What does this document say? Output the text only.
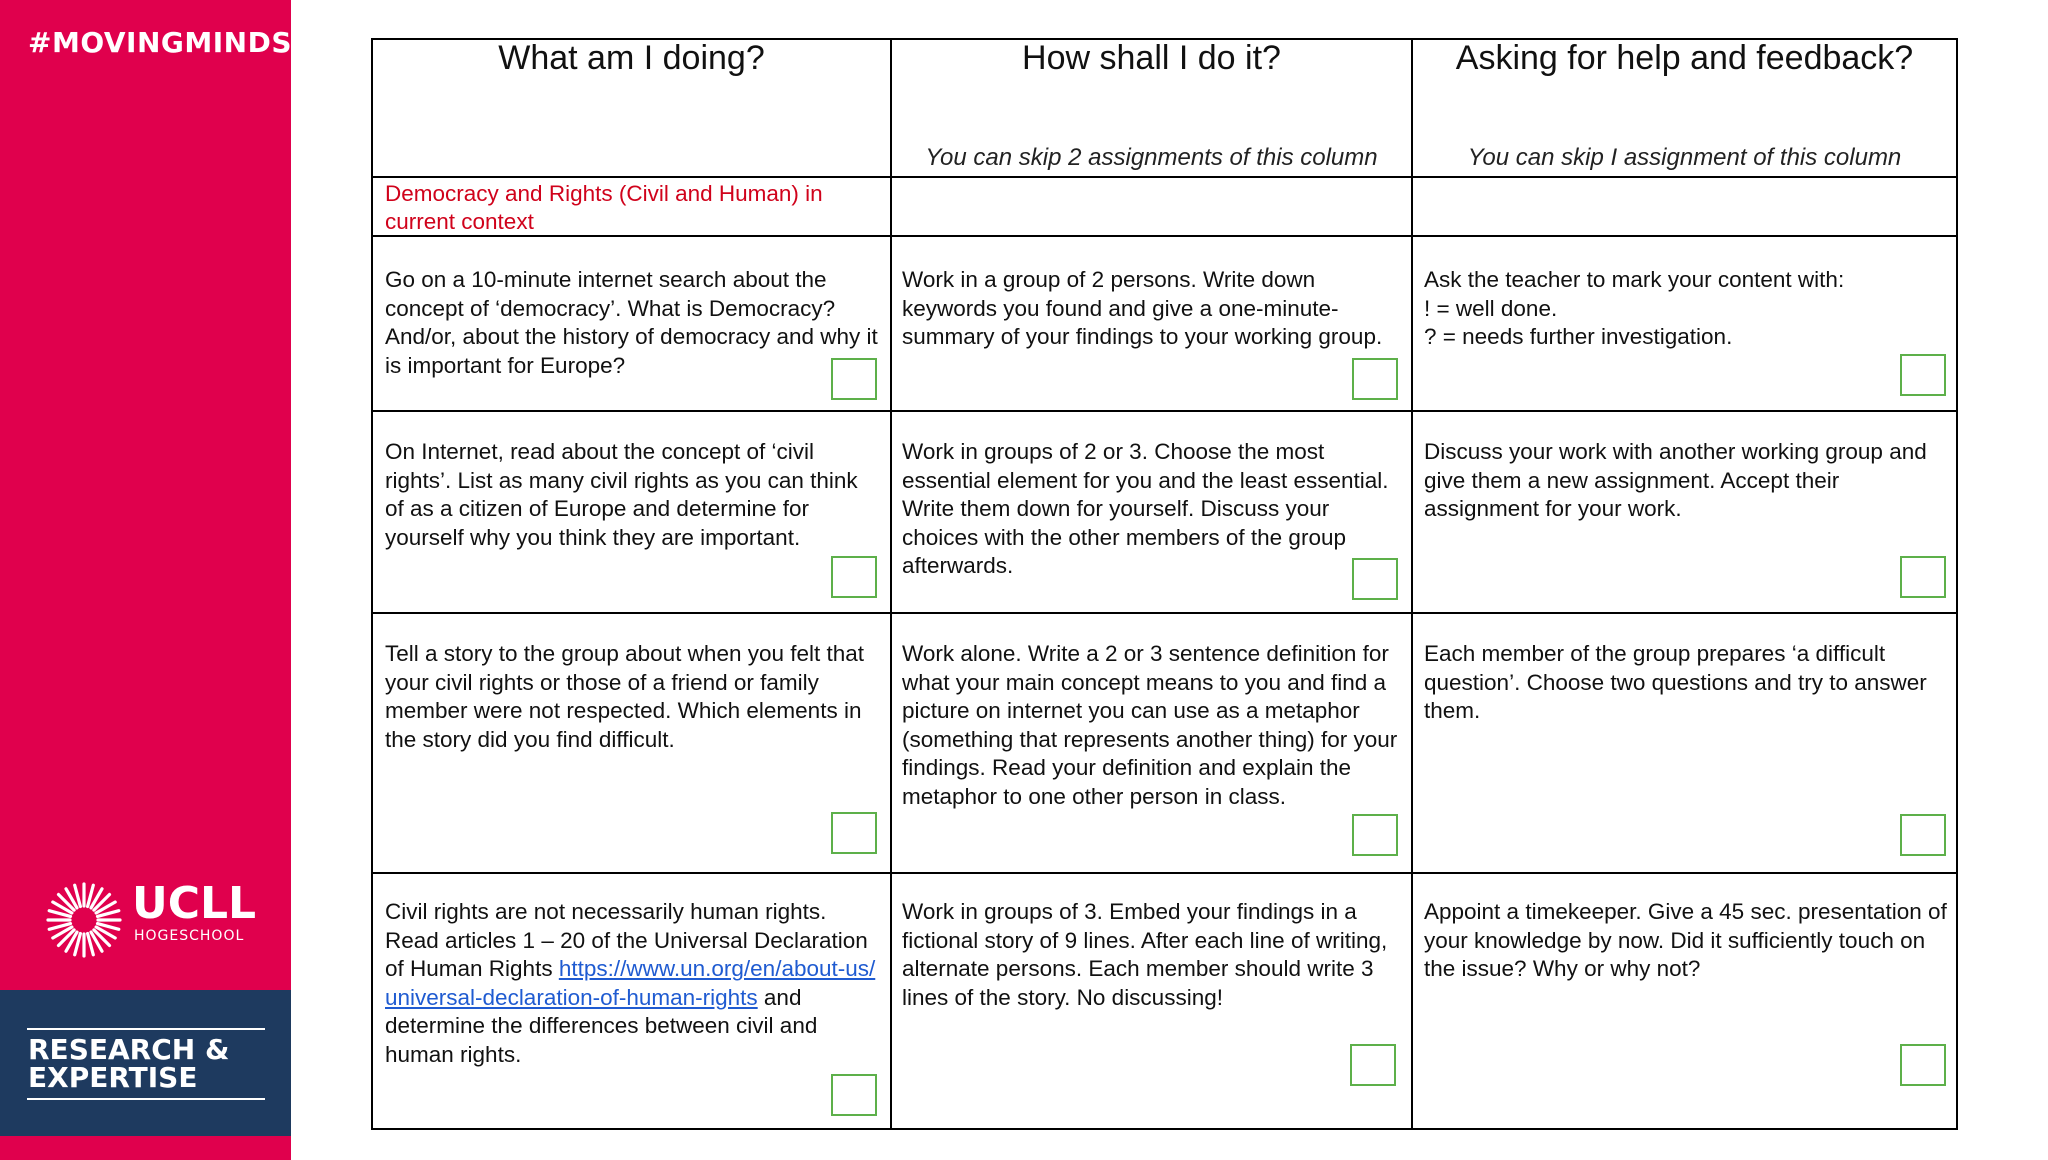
#MOVINGMINDS
UCLL
HOGESCHOOL
RESEARCH &
EXPERTISE
What am I doing?	How shall I do it?
You can skip 2 assignments of this column
Asking for help and feedback?
You can skip I assignment of this column
Democracy and Rights (Civil and Human) in current context
Go on a 10-minute internet search about the concept of ‘democracy’. What is Democracy? And/or, about the history of democracy and why it is important for Europe?
Work in a group of 2 persons. Write down keywords you found and give a one-minute-summary of your findings to your working group.
Ask the teacher to mark your content with:
! = well done.
? = needs further investigation.
On Internet, read about the concept of ‘civil rights’. List as many civil rights as you can think of as a citizen of Europe and determine for yourself why you think they are important.
Work in groups of 2 or 3. Choose the most essential element for you and the least essential. Write them down for yourself. Discuss your choices with the other members of the group afterwards.
Discuss your work with another working group and give them a new assignment. Accept their assignment for your work.
Tell a story to the group about when you felt that your civil rights or those of a friend or family member were not respected. Which elements in the story did you find difficult.
Work alone. Write a 2 or 3 sentence definition for what your main concept means to you and find a picture on internet you can use as a metaphor (something that represents another thing) for your findings. Read your definition and explain the metaphor to one other person in class.
Each member of the group prepares ‘a difficult question’. Choose two questions and try to answer them.
Civil rights are not necessarily human rights. Read articles 1 – 20 of the Universal Declaration of Human Rights https://www.un.org/en/about-us/universal-declaration-of-human-rights and determine the differences between civil and human rights.
Work in groups of 3. Embed your findings in a fictional story of 9 lines. After each line of writing, alternate persons. Each member should write 3 lines of the story. No discussing!
Appoint a timekeeper. Give a 45 sec. presentation of your knowledge by now. Did it sufficiently touch on the issue? Why or why not?
